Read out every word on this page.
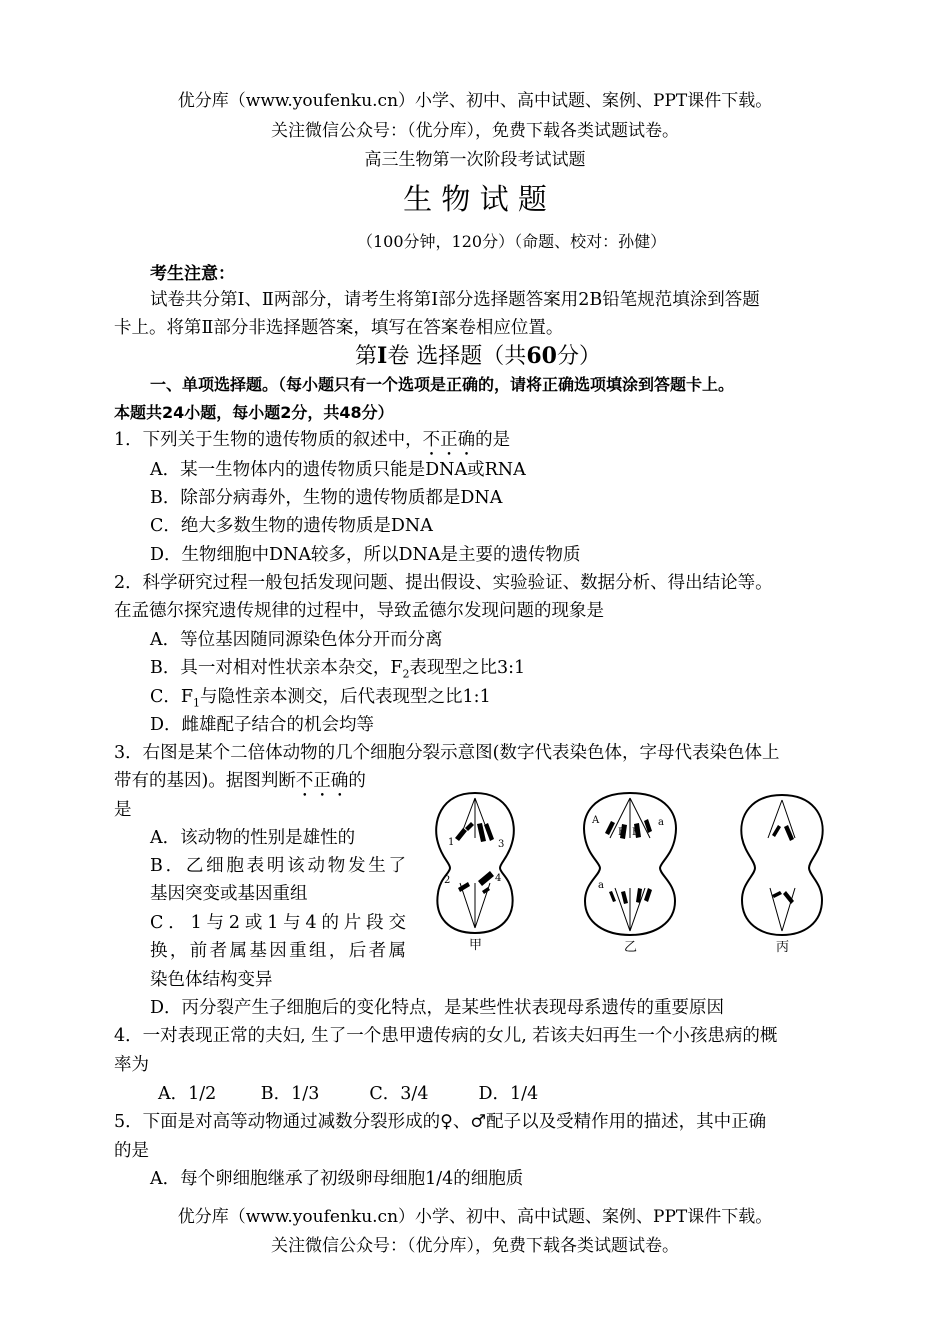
优分库（www.youfenku.cn）小学、初中、高中试题、案例、PPT课件下载。
关注微信公众号：（优分库），免费下载各类试题试卷。
高三生物第一次阶段考试试题
生 物 试 题
（100分钟，120分）（命题、校对：孙健）
考生注意：
试卷共分第Ⅰ、Ⅱ两部分，请考生将第Ⅰ部分选择题答案用2B铅笔规范填涂到答题
卡上。将第Ⅱ部分非选择题答案，填写在答案卷相应位置。
第I卷 选择题（共60分）
一、单项选择题。（每小题只有一个选项是正确的，请将正确选项填涂到答题卡上。
本题共24小题，每小题2分，共48分）
1．下列关于生物的遗传物质的叙述中，不正确的是
A．某一生物体内的遗传物质只能是DNA或RNA
B．除部分病毒外，生物的遗传物质都是DNA
C．绝大多数生物的遗传物质是DNA
D．生物细胞中DNA较多，所以DNA是主要的遗传物质
2．科学研究过程一般包括发现问题、提出假设、实验验证、数据分析、得出结论等。
在孟德尔探究遗传规律的过程中，导致孟德尔发现问题的现象是
A．等位基因随同源染色体分开而分离
B．具一对相对性状亲本杂交，$F_2$表现型之比3:1
C．$F_1$与隐性亲本测交，后代表现型之比1:1
D．雌雄配子结合的机会均等
3．右图是某个二倍体动物的几个细胞分裂示意图(数字代表染色体，字母代表染色体上
带有的基因)。据图判断不正确的
是
A．该动物的性别是雄性的
B．乙细胞表明该动物发生了
基因突变或基因重组
C．1与2或1与4的片段交
换，前者属基因重组，后者属
染色体结构变异
D．丙分裂产生子细胞后的变化特点，是某些性状表现母系遗传的重要原因
1	3
2	4
A
B B
a
a
甲	乙	丙
4．一对表现正常的夫妇, 生了一个患甲遗传病的女儿, 若该夫妇再生一个小孩患病的概
率为
A．1/2        B．1/3         C．3/4         D．1/4
5．下面是对高等动物通过减数分裂形成的♀、♂配子以及受精作用的描述，其中正确
的是
A．每个卵细胞继承了初级卵母细胞1/4的细胞质
优分库（www.youfenku.cn）小学、初中、高中试题、案例、PPT课件下载。
关注微信公众号：（优分库），免费下载各类试题试卷。
